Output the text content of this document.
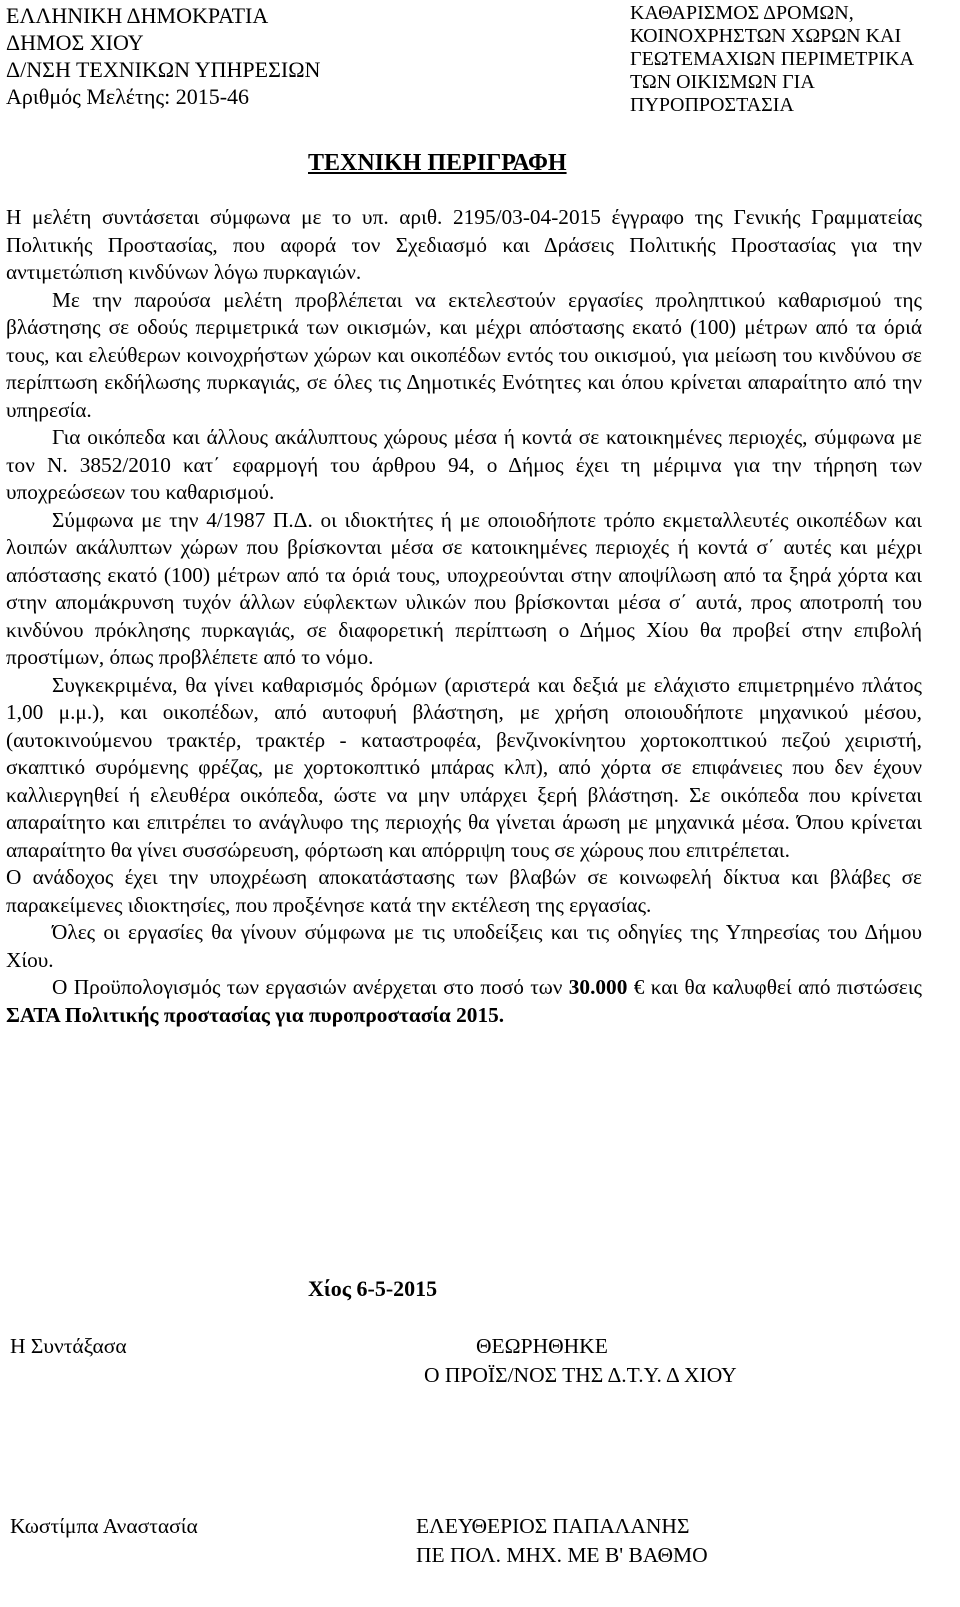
ΕΛΛΗΝΙΚΗ ΔΗΜΟΚΡΑΤΙΑ
ΔΗΜΟΣ ΧΙΟΥ
Δ/ΝΣΗ ΤΕΧΝΙΚΩΝ ΥΠΗΡΕΣΙΩΝ
Αριθμός Μελέτης: 2015-46
ΚΑΘΑΡΙΣΜΟΣ ΔΡΟΜΩΝ,
ΚΟΙΝΟΧΡΗΣΤΩΝ ΧΩΡΩΝ ΚΑΙ
ΓΕΩΤΕΜΑΧΙΩΝ ΠΕΡΙΜΕΤΡΙΚΑ
ΤΩΝ ΟΙΚΙΣΜΩΝ ΓΙΑ
ΠΥΡΟΠΡΟΣΤΑΣΙΑ
ΤΕΧΝΙΚΗ ΠΕΡΙΓΡΑΦΗ

Η μελέτη συντάσεται σύμφωνα με το υπ. αριθ. 2195/03-04-2015 έγγραφο της Γενικής Γραμματείας Πολιτικής Προστασίας, που αφορά τον Σχεδιασμό και Δράσεις Πολιτικής Προστασίας για την αντιμετώπιση κινδύνων λόγω πυρκαγιών.

Με την παρούσα μελέτη προβλέπεται να εκτελεστούν εργασίες προληπτικού καθαρισμού της βλάστησης σε οδούς περιμετρικά των οικισμών, και μέχρι απόστασης εκατό (100) μέτρων από τα όριά τους, και ελεύθερων κοινοχρήστων χώρων και οικοπέδων εντός του οικισμού, για μείωση του κινδύνου σε περίπτωση εκδήλωσης πυρκαγιάς, σε όλες τις Δημοτικές Ενότητες και όπου κρίνεται απαραίτητο από την υπηρεσία.

Για οικόπεδα και άλλους ακάλυπτους χώρους μέσα ή κοντά σε κατοικημένες περιοχές, σύμφωνα με τον Ν. 3852/2010 κατ΄ εφαρμογή του άρθρου 94, ο Δήμος έχει τη μέριμνα για την τήρηση των υποχρεώσεων του καθαρισμού.

Σύμφωνα με την 4/1987 Π.Δ. οι ιδιοκτήτες ή με οποιοδήποτε τρόπο εκμεταλλευτές οικοπέδων και λοιπών ακάλυπτων χώρων που βρίσκονται μέσα σε κατοικημένες περιοχές ή κοντά σ΄ αυτές και μέχρι απόστασης εκατό (100) μέτρων από τα όριά τους, υποχρεούνται στην αποψίλωση από τα ξηρά χόρτα και στην απομάκρυνση τυχόν άλλων εύφλεκτων υλικών που βρίσκονται μέσα σ΄ αυτά, προς αποτροπή του κινδύνου πρόκλησης πυρκαγιάς, σε διαφορετική περίπτωση ο Δήμος Χίου θα προβεί στην επιβολή προστίμων, όπως προβλέπετε από το νόμο.

Συγκεκριμένα, θα γίνει καθαρισμός δρόμων (αριστερά και δεξιά με ελάχιστο επιμετρημένο πλάτος 1,00 μ.μ.), και οικοπέδων, από αυτοφυή βλάστηση, με χρήση οποιουδήποτε μηχανικού μέσου, (αυτοκινούμενου τρακτέρ, τρακτέρ - καταστροφέα, βενζινοκίνητου χορτοκοπτικού πεζού χειριστή, σκαπτικό συρόμενης φρέζας, με χορτοκοπτικό μπάρας κλπ), από χόρτα σε επιφάνειες που δεν έχουν καλλιεργηθεί ή ελευθέρα οικόπεδα, ώστε να μην υπάρχει ξερή βλάστηση. Σε οικόπεδα που κρίνεται απαραίτητο και επιτρέπει το ανάγλυφο της περιοχής θα γίνεται άρωση με μηχανικά μέσα. Όπου κρίνεται απαραίτητο θα γίνει συσσώρευση, φόρτωση και απόρριψη τους σε χώρους που επιτρέπεται.

Ο ανάδοχος έχει την υποχρέωση αποκατάστασης των βλαβών σε κοινωφελή δίκτυα και βλάβες σε παρακείμενες ιδιοκτησίες, που προξένησε κατά την εκτέλεση της εργασίας.

Όλες οι εργασίες θα γίνουν σύμφωνα με τις υποδείξεις και τις οδηγίες της Υπηρεσίας του Δήμου Χίου.

Ο Προϋπολογισμός των εργασιών ανέρχεται στο ποσό των 30.000 € και θα καλυφθεί από πιστώσεις ΣΑΤΑ Πολιτικής προστασίας για πυροπροστασία 2015.

Χίος 6-5-2015
Η Συντάξασα	ΘΕΩΡΗΘΗΚΕ
Ο ΠΡΟΪΣ/ΝΟΣ ΤΗΣ Δ.Τ.Υ. Δ ΧΙΟΥ
Κωστίμπα Αναστασία	ΕΛΕΥΘΕΡΙΟΣ ΠΑΠΑΛΑΝΗΣ
ΠΕ ΠΟΛ. ΜΗΧ. ΜΕ Β' ΒΑΘΜΟ
